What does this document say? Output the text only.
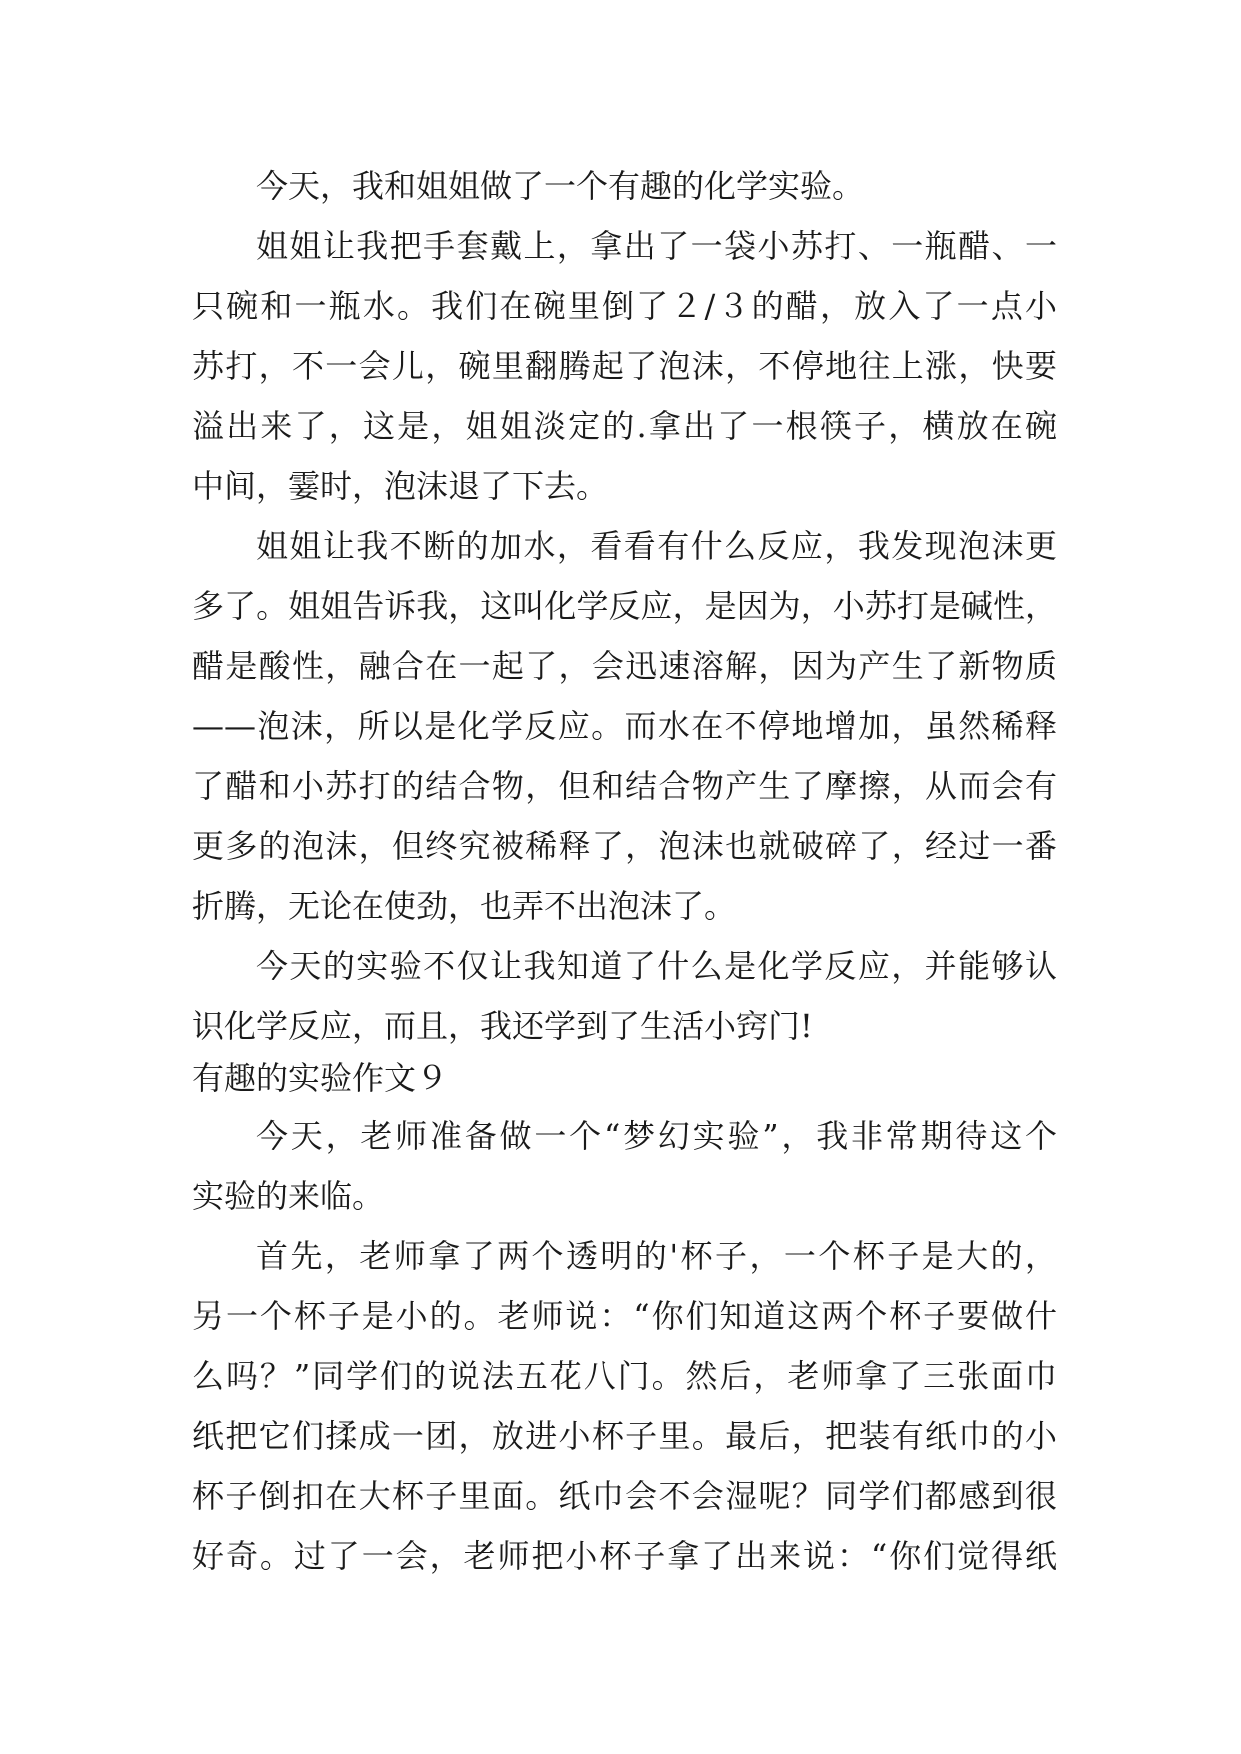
今天，我和姐姐做了一个有趣的化学实验。
姐姐让我把手套戴上，拿出了一袋小苏打、一瓶醋、一
只碗和一瓶水。我们在碗里倒了２/３的醋，放入了一点小
苏打，不一会儿，碗里翻腾起了泡沫，不停地往上涨，快要
溢出来了，这是，姐姐淡定的.拿出了一根筷子，横放在碗
中间，霎时，泡沫退了下去。
姐姐让我不断的加水，看看有什么反应，我发现泡沫更
多了。姐姐告诉我，这叫化学反应，是因为，小苏打是碱性，
醋是酸性，融合在一起了，会迅速溶解，因为产生了新物质
——泡沫，所以是化学反应。而水在不停地增加，虽然稀释
了醋和小苏打的结合物，但和结合物产生了摩擦，从而会有
更多的泡沫，但终究被稀释了，泡沫也就破碎了，经过一番
折腾，无论在使劲，也弄不出泡沫了。
今天的实验不仅让我知道了什么是化学反应，并能够认
识化学反应，而且，我还学到了生活小窍门!
有趣的实验作文９
今天，老师准备做一个“梦幻实验”，我非常期待这个
实验的来临。
首先，老师拿了两个透明的'杯子，一个杯子是大的，
另一个杯子是小的。老师说：“你们知道这两个杯子要做什
么吗？”同学们的说法五花八门。然后，老师拿了三张面巾
纸把它们揉成一团，放进小杯子里。最后，把装有纸巾的小
杯子倒扣在大杯子里面。纸巾会不会湿呢？同学们都感到很
好奇。过了一会，老师把小杯子拿了出来说：“你们觉得纸
